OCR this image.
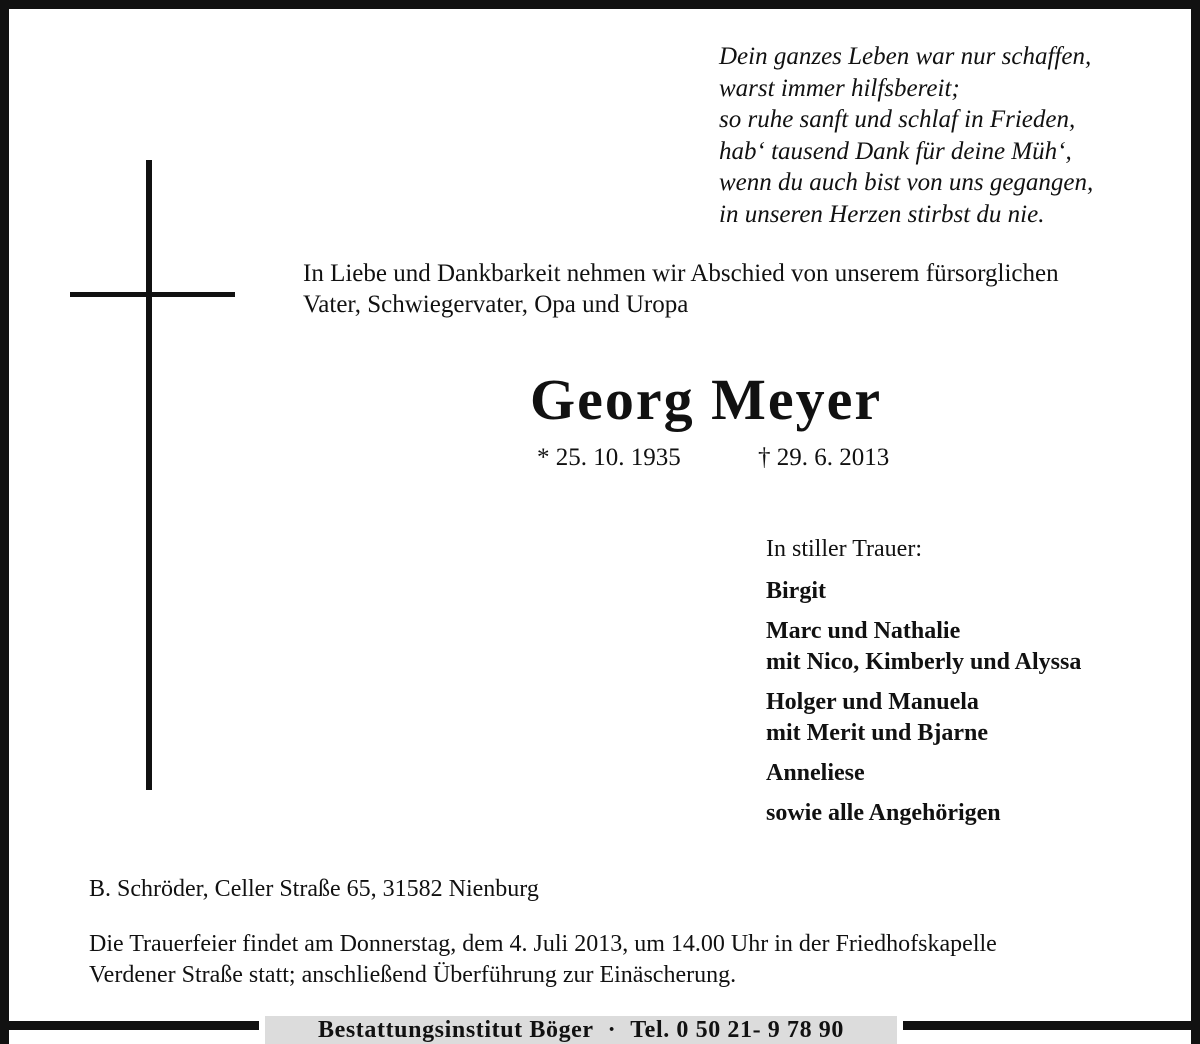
Dein ganzes Leben war nur schaffen,
warst immer hilfsbereit;
so ruhe sanft und schlaf in Frieden,
hab‘ tausend Dank für deine Müh‘,
wenn du auch bist von uns gegangen,
in unseren Herzen stirbst du nie.
In Liebe und Dankbarkeit nehmen wir Abschied von unserem fürsorglichen
Vater, Schwiegervater, Opa und Uropa
Georg Meyer
* 25. 10. 1935	† 29. 6. 2013
In stiller Trauer:
Birgit
Marc und Nathalie
mit Nico, Kimberly und Alyssa
Holger und Manuela
mit Merit und Bjarne
Anneliese
sowie alle Angehörigen
B. Schröder, Celler Straße 65, 31582 Nienburg
Die Trauerfeier findet am Donnerstag, dem 4. Juli 2013, um 14.00 Uhr in der Friedhofskapelle
Verdener Straße statt; anschließend Überführung zur Einäscherung.
Bestattungsinstitut Böger · Tel. 0 50 21- 9 78 90
